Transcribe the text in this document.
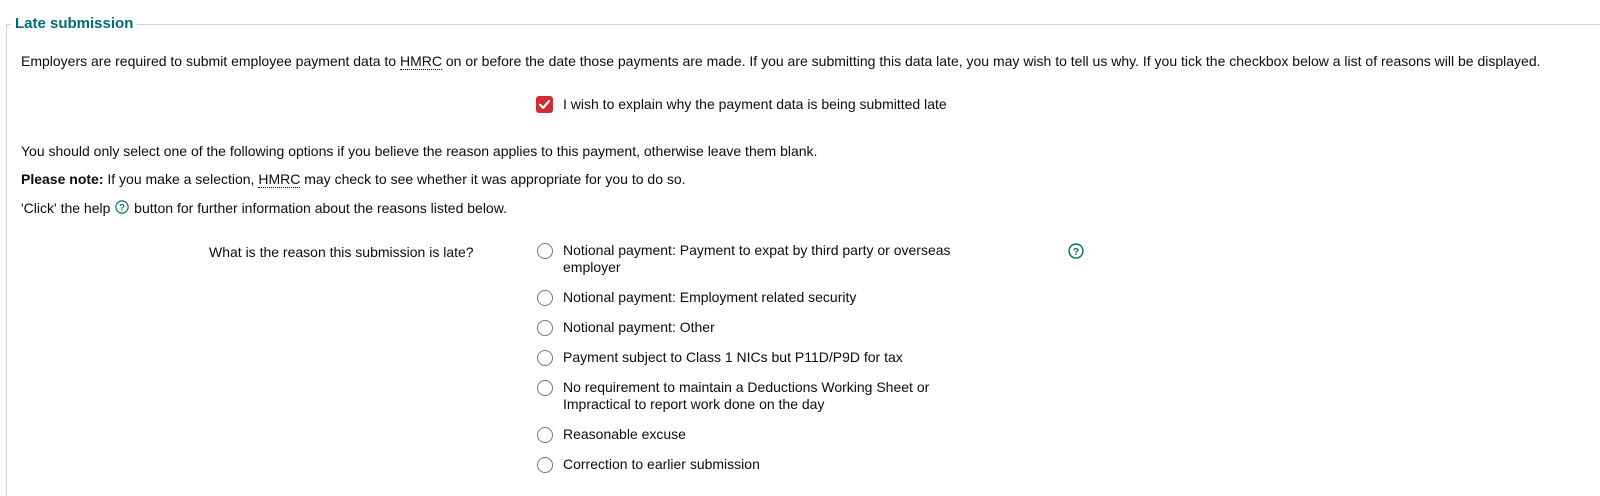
Late submission
Employers are required to submit employee payment data to HMRC on or before the date those payments are made. If you are submitting this data late, you may wish to tell us why. If you tick the checkbox below a list of reasons will be displayed.
I wish to explain why the payment data is being submitted late
You should only select one of the following options if you believe the reason applies to this payment, otherwise leave them blank.
Please note: If you make a selection, HMRC may check to see whether it was appropriate for you to do so.
'Click' the help ? button for further information about the reasons listed below.
What is the reason this submission is late?	Notional payment: Payment to expat by third party or overseas employer
Notional payment: Employment related security
Notional payment: Other
Payment subject to Class 1 NICs but P11D/P9D for tax
No requirement to maintain a Deductions Working Sheet or Impractical to report work done on the day
Reasonable excuse
Correction to earlier submission
?
